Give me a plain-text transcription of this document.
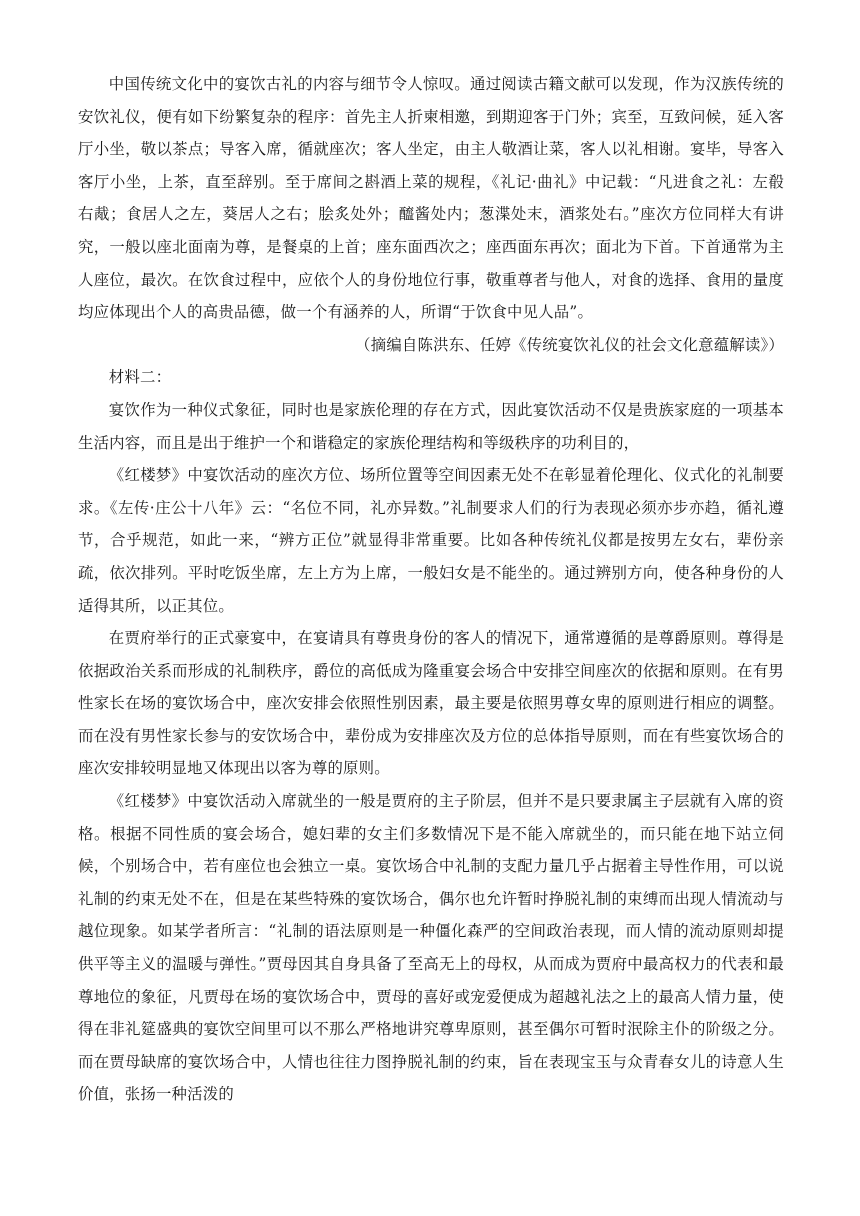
中国传统文化中的宴饮古礼的内容与细节令人惊叹。通过阅读古籍文献可以发现，作为汉族传统的安饮礼仪，便有如下纷繁复杂的程序：首先主人折柬相邀，到期迎客于门外；宾至，互致问候，延入客厅小坐，敬以茶点；导客入席，循就座次；客人坐定，由主人敬酒让菜，客人以礼相谢。宴毕，导客入客厅小坐，上茶，直至辞别。至于席间之斟酒上菜的规程，《礼记·曲礼》中记载：“凡进食之礼：左殽右胾；食居人之左，葵居人之右；脍炙处外；醯酱处内；葱渫处末，酒浆处右。”座次方位同样大有讲究，一般以座北面南为尊，是餐桌的上首；座东面西次之；座西面东再次；面北为下首。下首通常为主人座位，最次。在饮食过程中，应依个人的身份地位行事，敬重尊者与他人，对食的选择、食用的量度均应体现出个人的高贵品德，做一个有涵养的人，所谓“于饮食中见人品”。

（摘编自陈洪东、任婷《传统宴饮礼仪的社会文化意蕴解读》）

材料二：

宴饮作为一种仪式象征，同时也是家族伦理的存在方式，因此宴饮活动不仅是贵族家庭的一项基本生活内容，而且是出于维护一个和谐稳定的家族伦理结构和等级秩序的功利目的，

《红楼梦》中宴饮活动的座次方位、场所位置等空间因素无处不在彰显着伦理化、仪式化的礼制要求。《左传·庄公十八年》云：“名位不同，礼亦异数。”礼制要求人们的行为表现必须亦步亦趋，循礼遵节，合乎规范，如此一来，“辨方正位”就显得非常重要。比如各种传统礼仪都是按男左女右，辈份亲疏，依次排列。平时吃饭坐席，左上方为上席，一般妇女是不能坐的。通过辨别方向，使各种身份的人适得其所，以正其位。

在贾府举行的正式豪宴中，在宴请具有尊贵身份的客人的情况下，通常遵循的是尊爵原则。尊得是依据政治关系而形成的礼制秩序，爵位的高低成为隆重宴会场合中安排空间座次的依据和原则。在有男性家长在场的宴饮场合中，座次安排会依照性别因素，最主要是依照男尊女卑的原则进行相应的调整。而在没有男性家长参与的安饮场合中，辈份成为安排座次及方位的总体指导原则，而在有些宴饮场合的座次安排较明显地又体现出以客为尊的原则。

《红楼梦》中宴饮活动入席就坐的一般是贾府的主子阶层，但并不是只要隶属主子层就有入席的资格。根据不同性质的宴会场合，媳妇辈的女主们多数情况下是不能入席就坐的，而只能在地下站立伺候，个别场合中，若有座位也会独立一桌。宴饮场合中礼制的支配力量几乎占据着主导性作用，可以说礼制的约束无处不在，但是在某些特殊的宴饮场合，偶尔也允许暂时挣脱礼制的束缚而出现人情流动与越位现象。如某学者所言：“礼制的语法原则是一种僵化森严的空间政治表现，而人情的流动原则却提供平等主义的温暖与弹性。”贾母因其自身具备了至高无上的母权，从而成为贾府中最高权力的代表和最尊地位的象征，凡贾母在场的宴饮场合中，贾母的喜好或宠爱便成为超越礼法之上的最高人情力量，使得在非礼筵盛典的宴饮空间里可以不那么严格地讲究尊卑原则，甚至偶尔可暂时泯除主仆的阶级之分。而在贾母缺席的宴饮场合中，人情也往往力图挣脱礼制的约束，旨在表现宝玉与众青春女儿的诗意人生价值，张扬一种活泼的
